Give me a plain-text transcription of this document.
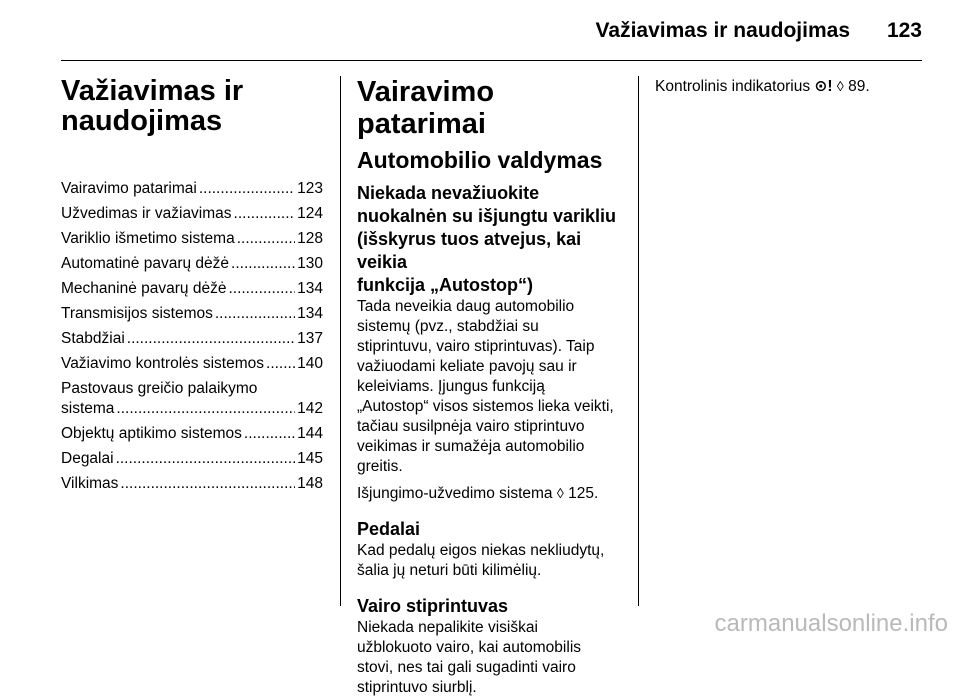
Važiavimas ir naudojimas 123
Važiavimas ir
naudojimas
Vairavimo patarimai .....	123
Užvedimas ir važiavimas .....	124
Variklio išmetimo sistema .....	128
Automatinė pavarų dėžė .....	130
Mechaninė pavarų dėžė .....	134
Transmisijos sistemos .....	134
Stabdžiai .....	137
Važiavimo kontrolės sistemos ..... 140
Pastovaus greičio palaikymo
sistema .....	142
Objektų aptikimo sistemos .....	144
Degalai .....	145
Vilkimas .....	148
Vairavimo patarimai
Automobilio valdymas
Niekada nevažiuokite
nuokalnėn su išjungtu varikliu
(išskyrus tuos atvejus, kai veikia
funkcija „Autostop“)
Tada neveikia daug automobilio
sistemų (pvz., stabdžiai su
stiprintuvu, vairo stiprintuvas). Taip
važiuodami keliate pavojų sau ir
keleiviams. Įjungus funkciją
„Autostop“ visos sistemos lieka veikti,
tačiau susilpnėja vairo stiprintuvo
veikimas ir sumažėja automobilio
greitis.
Išjungimo-užvedimo sistema ◊ 125.
Pedalai
Kad pedalų eigos niekas nekliudytų,
šalia jų neturi būti kilimėlių.
Vairo stiprintuvas
Niekada nepalikite visiškai
užblokuoto vairo, kai automobilis
stovi, nes tai gali sugadinti vairo
stiprintuvo siurblį.
Kontrolinis indikatorius ⊙! ◊ 89.
carmanualsonline.info
